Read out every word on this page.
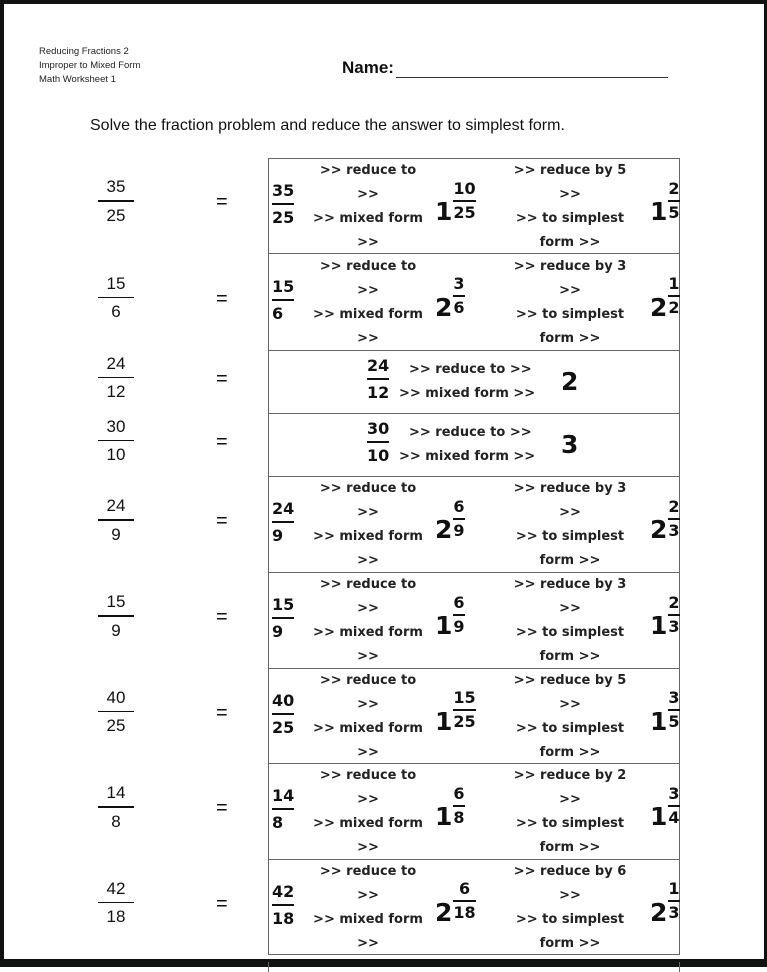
Reducing Fractions 2
Improper to Mixed Form
Math Worksheet 1
Name:
Solve the fraction problem and reduce the answer to simplest form.
35
25
=
35
25
>> reduce to
>>
>> mixed form
>>
1
10
25
>> reduce by 5
>>
>> to simplest
form >>
1
2
5
15
6
=
15
6
>> reduce to
>>
>> mixed form
>>
2
3
6
>> reduce by 3
>>
>> to simplest
form >>
2
1
2
24
12
=
24
12
>> reduce to >>
>> mixed form >>	2
30
10
=
30
10
>> reduce to >>
>> mixed form >>	3
24
9
=
24
9
>> reduce to
>>
>> mixed form
>>
2
6
9
>> reduce by 3
>>
>> to simplest
form >>
2
2
3
15
9
=
15
9
>> reduce to
>>
>> mixed form
>>
1
6
9
>> reduce by 3
>>
>> to simplest
form >>
1
2
3
40
25
=
40
25
>> reduce to
>>
>> mixed form
>>
1
15
25
>> reduce by 5
>>
>> to simplest
form >>
1
3
5
14
8
=
14
8
>> reduce to
>>
>> mixed form
>>
1
6
8
>> reduce by 2
>>
>> to simplest
form >>
1
3
4
42
18
=
42
18
>> reduce to
>>
>> mixed form
>>
2
6
18
>> reduce by 6
>>
>> to simplest
form >>
2
1
3
